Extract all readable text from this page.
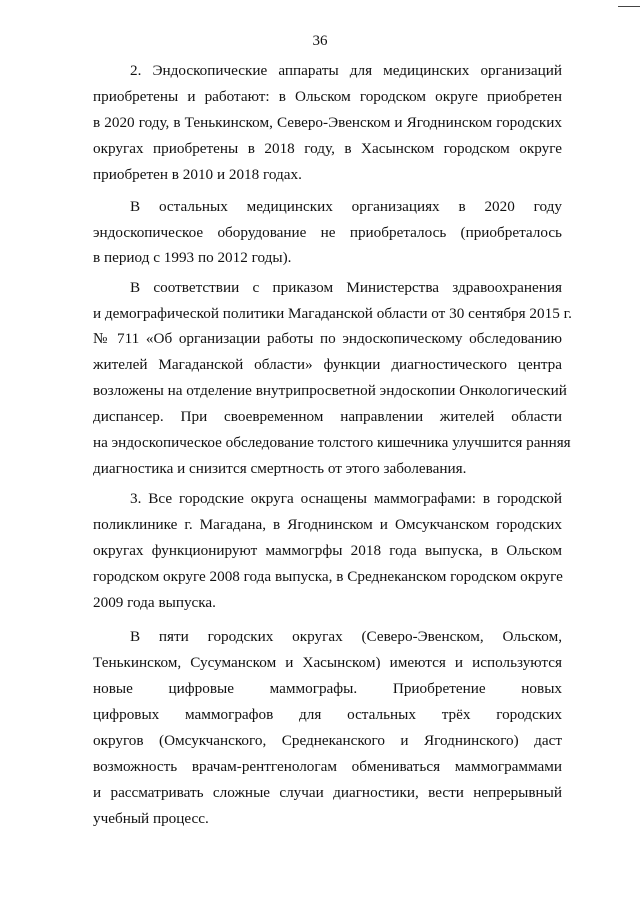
36
2. Эндоскопические аппараты для медицинских организаций
приобретены и работают: в Ольском городском округе приобретен
в 2020 году, в Тенькинском, Северо-Эвенском и Ягоднинском городских
округах приобретены в 2018 году, в Хасынском городском округе
приобретен в 2010 и 2018 годах.
В остальных медицинских организациях в 2020 году
эндоскопическое оборудование не приобреталось (приобреталось
в период с 1993 по 2012 годы).
В соответствии с приказом Министерства здравоохранения
и демографической политики Магаданской области от 30 сентября 2015 г.
№ 711 «Об организации работы по эндоскопическому обследованию
жителей Магаданской области» функции диагностического центра
возложены на отделение внутрипросветной эндоскопии Онкологический
диспансер. При своевременном направлении жителей области
на эндоскопическое обследование толстого кишечника улучшится ранняя
диагностика и снизится смертность от этого заболевания.
3. Все городские округа оснащены маммографами: в городской
поликлинике г. Магадана, в Ягоднинском и Омсукчанском городских
округах функционируют маммогрфы 2018 года выпуска, в Ольском
городском округе 2008 года выпуска, в Среднеканском городском округе
2009 года выпуска.
В пяти городских округах (Северо-Эвенском, Ольском,
Тенькинском, Сусуманском и Хасынском) имеются и используются
новые цифровые маммографы. Приобретение новых
цифровых маммографов для остальных трёх городских
округов (Омсукчанского, Среднеканского и Ягоднинского) даст
возможность врачам-рентгенологам обмениваться маммограммами
и рассматривать сложные случаи диагностики, вести непрерывный
учебный процесс.
